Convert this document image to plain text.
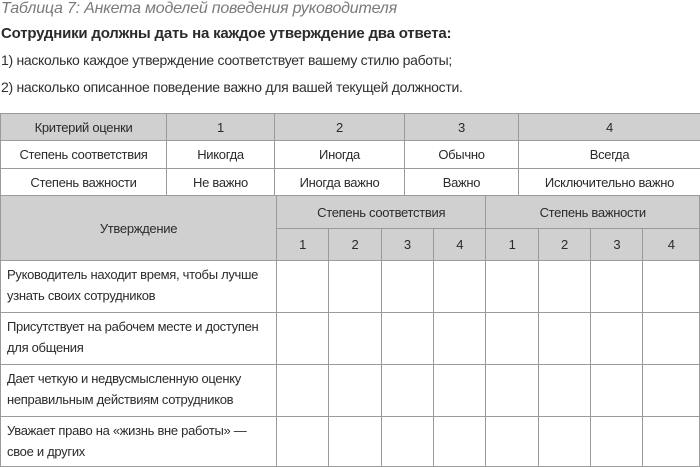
Таблица 7: Анкета моделей поведения руководителя
Сотрудники должны дать на каждое утверждение два ответа:
1) насколько каждое утверждение соответствует вашему стилю работы;
2) насколько описанное поведение важно для вашей текущей должности.
Критерий оценки	1	2	3	4
Степень соответствия	Никогда	Иногда	Обычно	Всегда
Степень важности	Не важно	Иногда важно	Важно	Исключительно важно
Утверждение	Степень соответствия				Степень важности			
	1	2	3	4	1	2	3	4
Руководитель находит время, чтобы лучше узнать своих сотрудников								
Присутствует на рабочем месте и доступен для общения								
Дает четкую и недвусмысленную оценку неправильным действиям сотрудников								
Уважает право на «жизнь вне работы» — свое и других								
